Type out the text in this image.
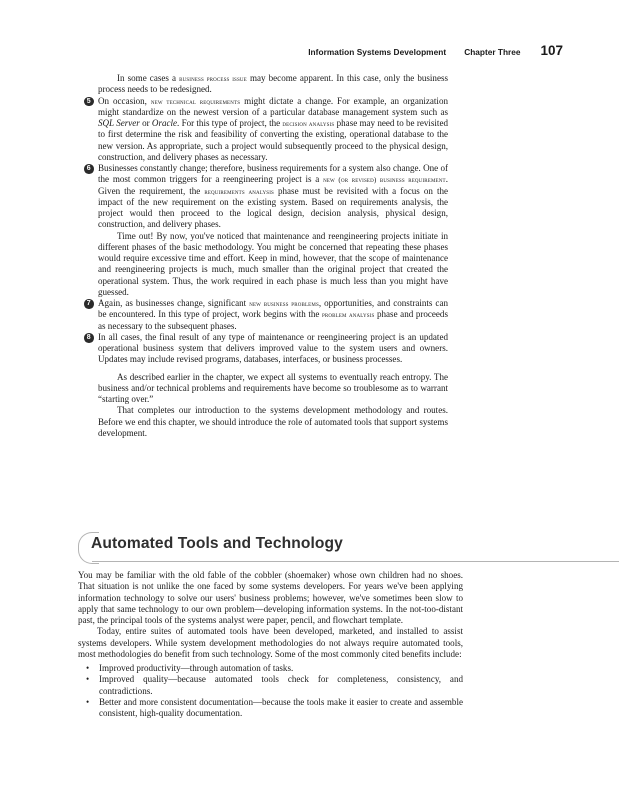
Information Systems Development Chapter Three 107

In some cases a business process issue may become apparent. In this case, only the business process needs to be redesigned.

5 On occasion, new technical requirements might dictate a change. For example, an organization might standardize on the newest version of a particular database management system such as SQL Server or Oracle. For this type of project, the decision analysis phase may need to be revisited to first determine the risk and feasibility of converting the existing, operational database to the new version. As appropriate, such a project would subsequently proceed to the physical design, construction, and delivery phases as necessary.
6 Businesses constantly change; therefore, business requirements for a system also change. One of the most common triggers for a reengineering project is a new (or revised) business requirement. Given the requirement, the requirements analysis phase must be revisited with a focus on the impact of the new requirement on the existing system. Based on requirements analysis, the project would then proceed to the logical design, decision analysis, physical design, construction, and delivery phases.

Time out! By now, you've noticed that maintenance and reengineering projects initiate in different phases of the basic methodology. You might be concerned that repeating these phases would require excessive time and effort. Keep in mind, however, that the scope of maintenance and reengineering projects is much, much smaller than the original project that created the operational system. Thus, the work required in each phase is much less than you might have guessed.

7 Again, as businesses change, significant new business problems, opportunities, and constraints can be encountered. In this type of project, work begins with the problem analysis phase and proceeds as necessary to the subsequent phases.
8 In all cases, the final result of any type of maintenance or reengineering project is an updated operational business system that delivers improved value to the system users and owners. Updates may include revised programs, databases, interfaces, or business processes.

As described earlier in the chapter, we expect all systems to eventually reach entropy. The business and/or technical problems and requirements have become so troublesome as to warrant “starting over.”

That completes our introduction to the systems development methodology and routes. Before we end this chapter, we should introduce the role of automated tools that support systems development.

Automated Tools and Technology

You may be familiar with the old fable of the cobbler (shoemaker) whose own children had no shoes. That situation is not unlike the one faced by some systems developers. For years we've been applying information technology to solve our users' business problems; however, we've sometimes been slow to apply that same technology to our own problem—developing information systems. In the not-too-distant past, the principal tools of the systems analyst were paper, pencil, and flowchart template.

Today, entire suites of automated tools have been developed, marketed, and installed to assist systems developers. While system development methodologies do not always require automated tools, most methodologies do benefit from such technology. Some of the most commonly cited benefits include:

• Improved productivity—through automation of tasks.
• Improved quality—because automated tools check for completeness, consistency, and contradictions.
• Better and more consistent documentation—because the tools make it easier to create and assemble consistent, high-quality documentation.
